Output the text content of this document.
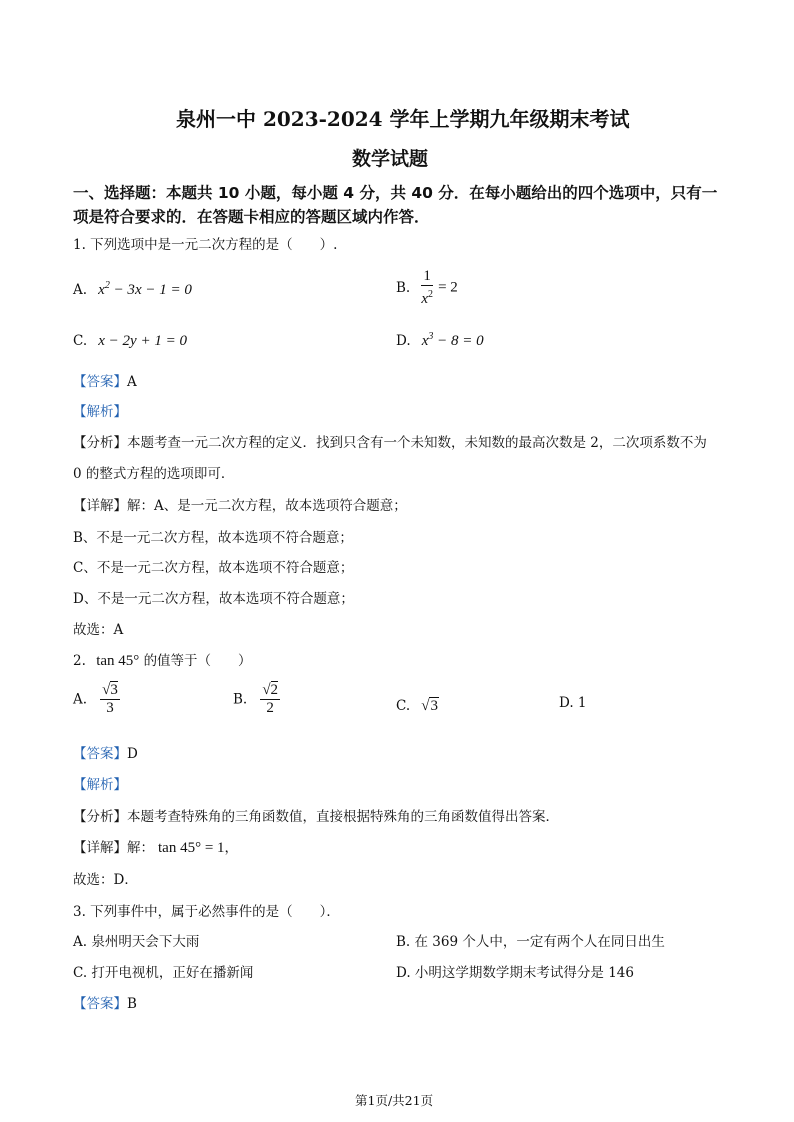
泉州一中 2023-2024 学年上学期九年级期末考试
数学试题
一、选择题：本题共 10 小题，每小题 4 分，共 40 分．在每小题给出的四个选项中，只有一
项是符合要求的．在答题卡相应的答题区域内作答．
1. 下列选项中是一元二次方程的是（　　）.
A. $x^2 - 3x - 1 = 0$	B. $\frac{1}{x^2} = 2$
C. x − 2y + 1 = 0	D. $x^3 - 8 = 0$
【答案】A
【解析】
【分析】本题考查一元二次方程的定义．找到只含有一个未知数，未知数的最高次数是 2，二次项系数不为
0 的整式方程的选项即可．
【详解】解：A、是一元二次方程，故本选项符合题意；
B、不是一元二次方程，故本选项不符合题意；
C、不是一元二次方程，故本选项不符合题意；
D、不是一元二次方程，故本选项不符合题意；
故选：A
2. tan 45° 的值等于（　　）
A. $\frac{√3}{3}$	B. $\frac{√2}{2}$	C. √3	D. 1
【答案】D
【解析】
【分析】本题考查特殊角的三角函数值，直接根据特殊角的三角函数值得出答案．
【详解】解： tan 45° = 1，
故选：D．
3. 下列事件中，属于必然事件的是（　　）．
A. 泉州明天会下大雨	B. 在 369 个人中，一定有两个人在同日出生
C. 打开电视机，正好在播新闻	D. 小明这学期数学期末考试得分是 146
【答案】B
第1页/共21页
